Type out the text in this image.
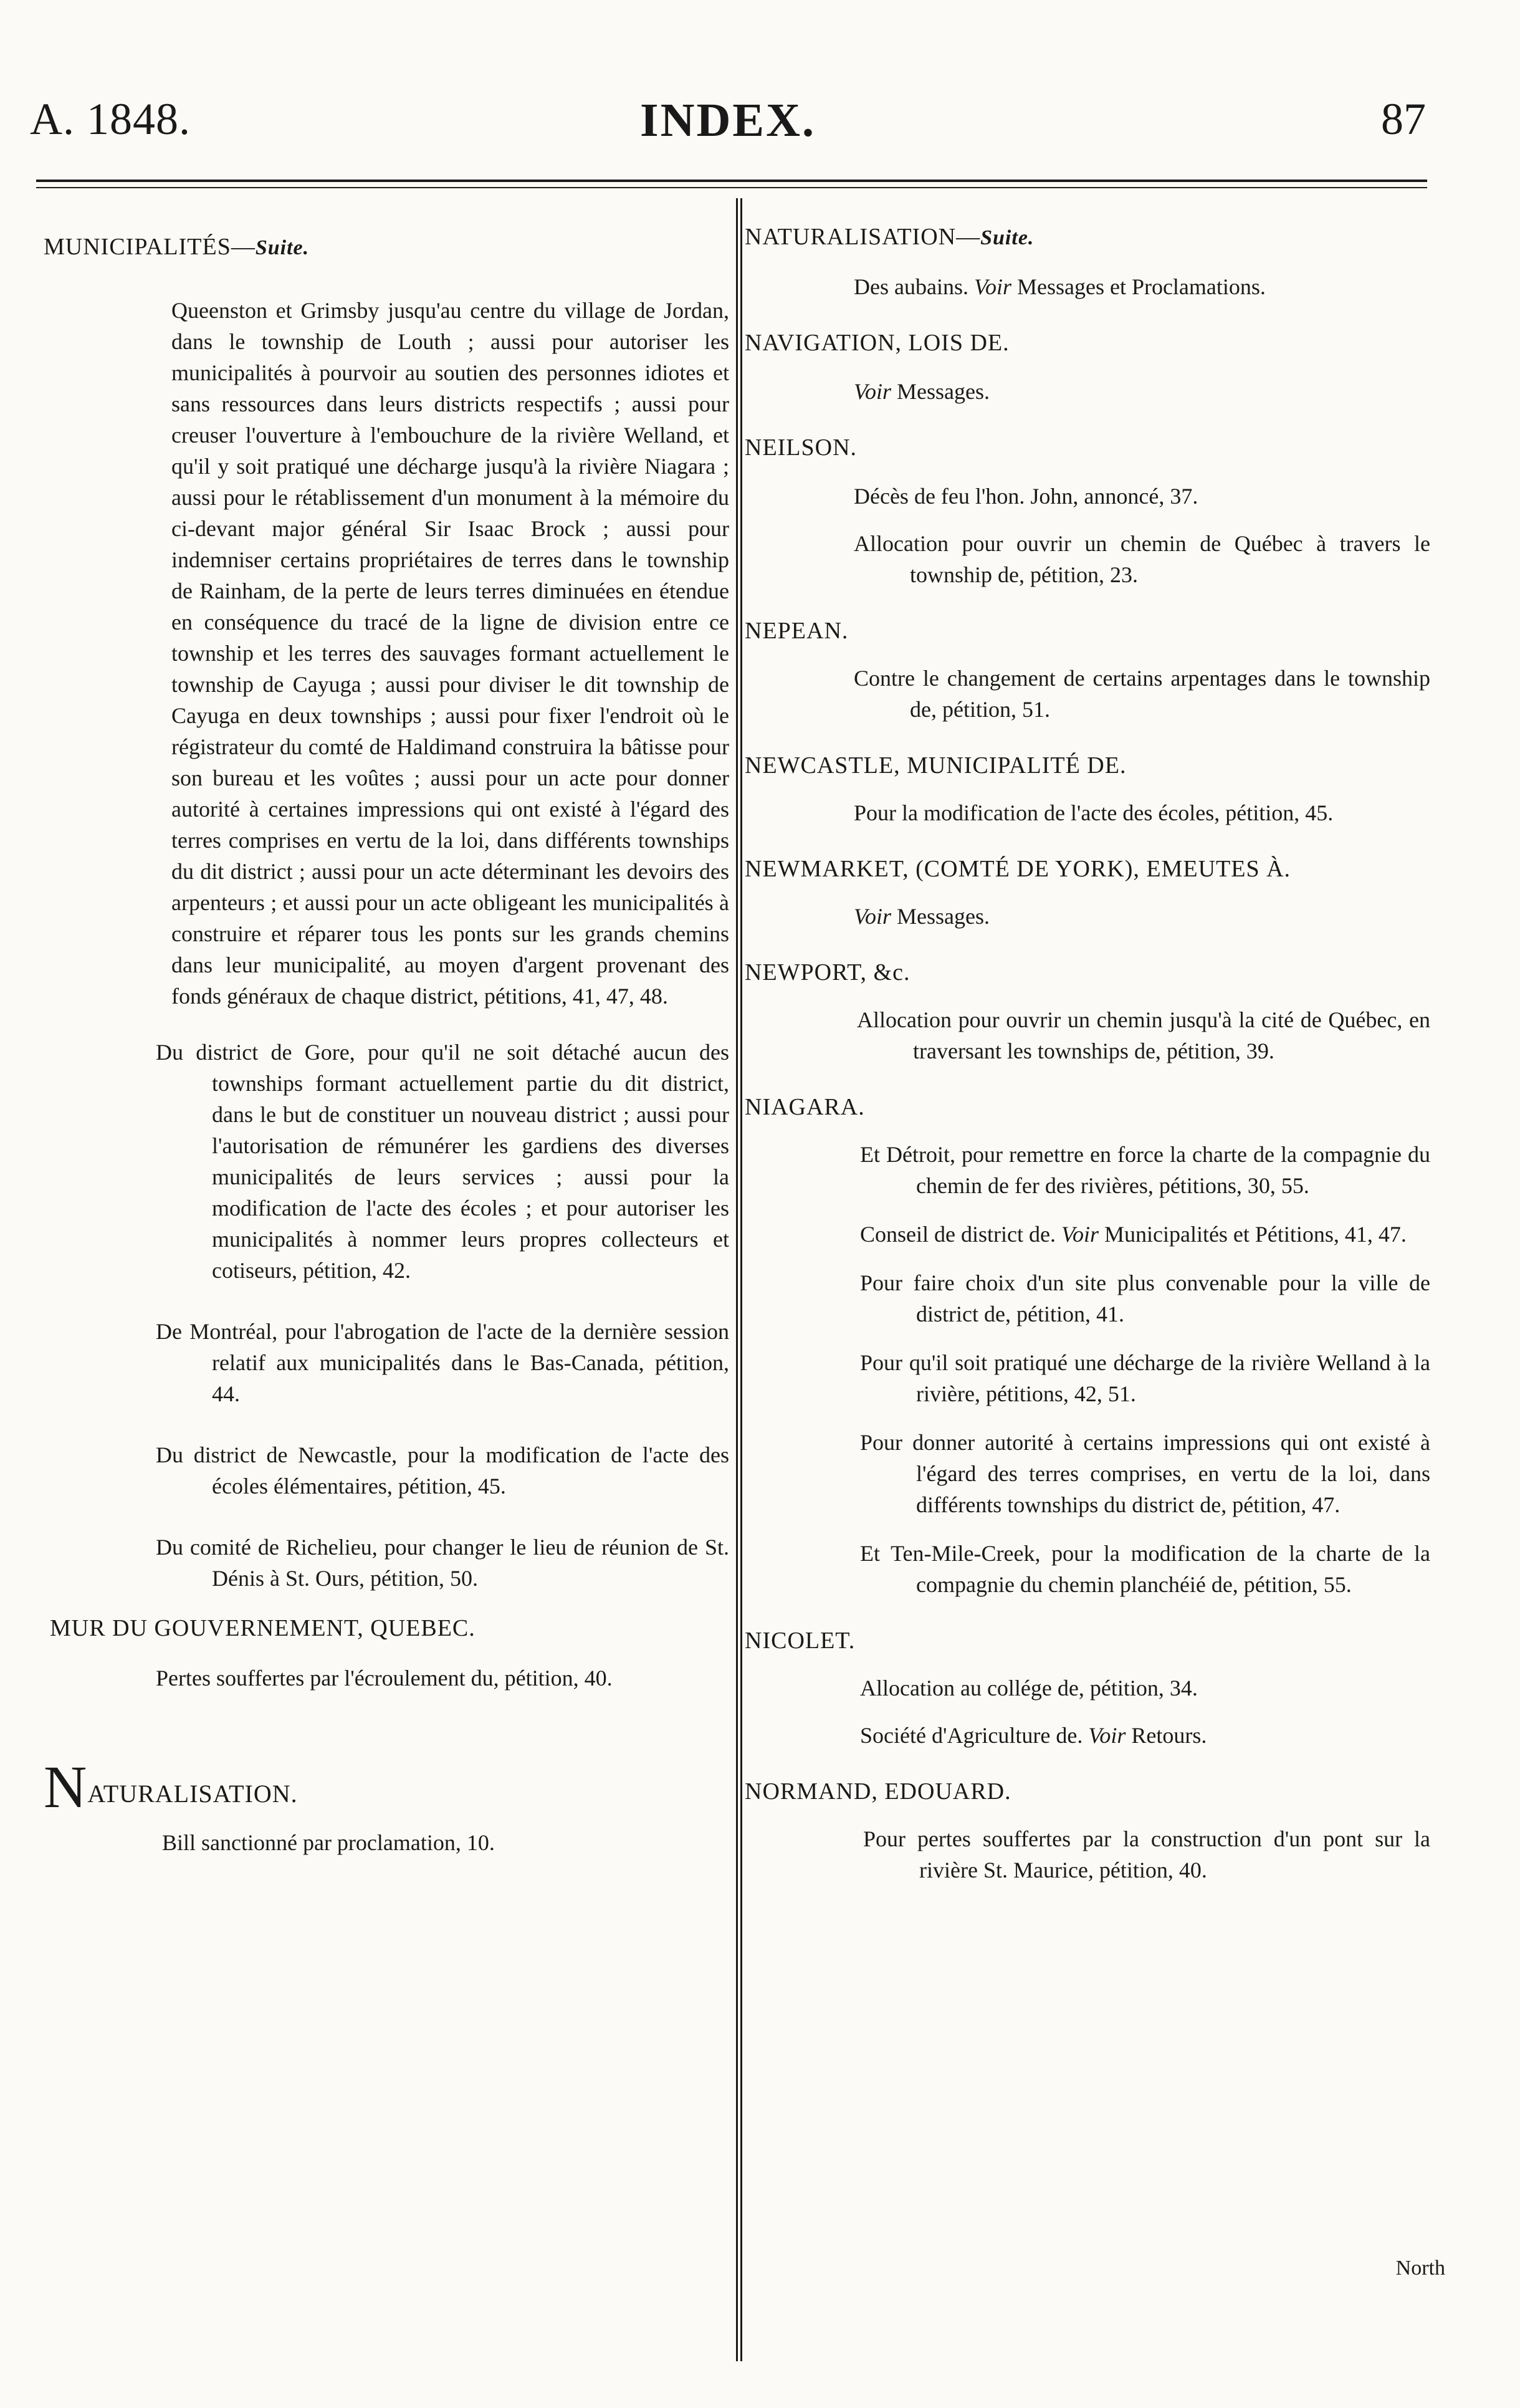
A. 1848.	INDEX.	87
MUNICIPALITÉS—Suite.
Queenston et Grimsby jusqu'au centre du village de Jordan, dans le township de Louth ; aussi pour autoriser les municipalités à pourvoir au soutien des personnes idiotes et sans ressources dans leurs districts respectifs ; aussi pour creuser l'ouverture à l'embouchure de la rivière Welland, et qu'il y soit pratiqué une décharge jusqu'à la rivière Niagara ; aussi pour le rétablissement d'un monument à la mémoire du ci-devant major général Sir Isaac Brock ; aussi pour indemniser certains propriétaires de terres dans le township de Rainham, de la perte de leurs terres diminuées en étendue en conséquence du tracé de la ligne de division entre ce township et les terres des sauvages formant actuellement le township de Cayuga ; aussi pour diviser le dit township de Cayuga en deux townships ; aussi pour fixer l'endroit où le régistrateur du comté de Haldimand construira la bâtisse pour son bureau et les voûtes ; aussi pour un acte pour donner autorité à certaines impressions qui ont existé à l'égard des terres comprises en vertu de la loi, dans différents townships du dit district ; aussi pour un acte déterminant les devoirs des arpenteurs ; et aussi pour un acte obligeant les municipalités à construire et réparer tous les ponts sur les grands chemins dans leur municipalité, au moyen d'argent provenant des fonds généraux de chaque district, pétitions, 41, 47, 48.
Du district de Gore, pour qu'il ne soit détaché aucun des townships formant actuellement partie du dit district, dans le but de constituer un nouveau district ; aussi pour l'autorisation de rémunérer les gardiens des diverses municipalités de leurs services ; aussi pour la modification de l'acte des écoles ; et pour autoriser les municipalités à nommer leurs propres collecteurs et cotiseurs, pétition, 42.
De Montréal, pour l'abrogation de l'acte de la dernière session relatif aux municipalités dans le Bas-Canada, pétition, 44.
Du district de Newcastle, pour la modification de l'acte des écoles élémentaires, pétition, 45.
Du comité de Richelieu, pour changer le lieu de réunion de St. Dénis à St. Ours, pétition, 50.
MUR DU GOUVERNEMENT, QUEBEC.
Pertes souffertes par l'écroulement du, pétition, 40.
NATURALISATION.
Bill sanctionné par proclamation, 10.
NATURALISATION—Suite.
Des aubains. Voir Messages et Proclamations.
NAVIGATION, LOIS DE.
Voir Messages.
NEILSON.
Décès de feu l'hon. John, annoncé, 37.
Allocation pour ouvrir un chemin de Québec à travers le township de, pétition, 23.
NEPEAN.
Contre le changement de certains arpentages dans le township de, pétition, 51.
NEWCASTLE, MUNICIPALITÉ DE.
Pour la modification de l'acte des écoles, pétition, 45.
NEWMARKET, (COMTÉ DE YORK), EMEUTES À.
Voir Messages.
NEWPORT, &c.
Allocation pour ouvrir un chemin jusqu'à la cité de Québec, en traversant les townships de, pétition, 39.
NIAGARA.
Et Détroit, pour remettre en force la charte de la compagnie du chemin de fer des rivières, pétitions, 30, 55.
Conseil de district de. Voir Municipalités et Pétitions, 41, 47.
Pour faire choix d'un site plus convenable pour la ville de district de, pétition, 41.
Pour qu'il soit pratiqué une décharge de la rivière Welland à la rivière, pétitions, 42, 51.
Pour donner autorité à certains impressions qui ont existé à l'égard des terres comprises, en vertu de la loi, dans différents townships du district de, pétition, 47.
Et Ten-Mile-Creek, pour la modification de la charte de la compagnie du chemin planchéié de, pétition, 55.
NICOLET.
Allocation au collége de, pétition, 34.
Société d'Agriculture de. Voir Retours.
NORMAND, EDOUARD.
Pour pertes souffertes par la construction d'un pont sur la rivière St. Maurice, pétition, 40.
North
